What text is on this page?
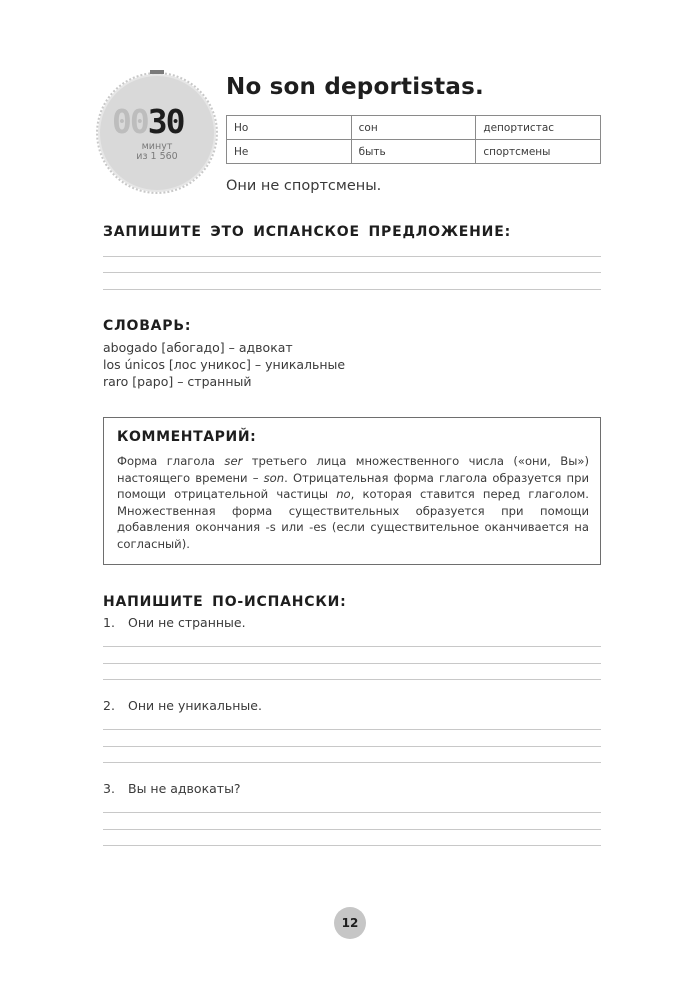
0030
минут
из 1 560
No son deportistas.
Но	сон	депортистас
Не	быть	спортсмены
Они не спортсмены.
ЗАПИШИТЕ ЭТО ИСПАНСКОЕ ПРЕДЛОЖЕНИЕ:
СЛОВАРЬ:
abogado [абогадо] – адвокат
los únicos [лос уникос] – уникальные
raro [раро] – странный
КОММЕНТАРИЙ:
Форма глагола ser третьего лица множественного числа («они, Вы») настоящего времени – son. Отрицательная форма глагола образуется при помощи отрицательной частицы no, которая ставится перед глаголом. Множественная форма существительных образуется при помощи добавления окончания -s или -es (если существительное оканчивается на согласный).
НАПИШИТЕ ПО-ИСПАНСКИ:
1. Они не странные.
2. Они не уникальные.
3. Вы не адвокаты?
12
